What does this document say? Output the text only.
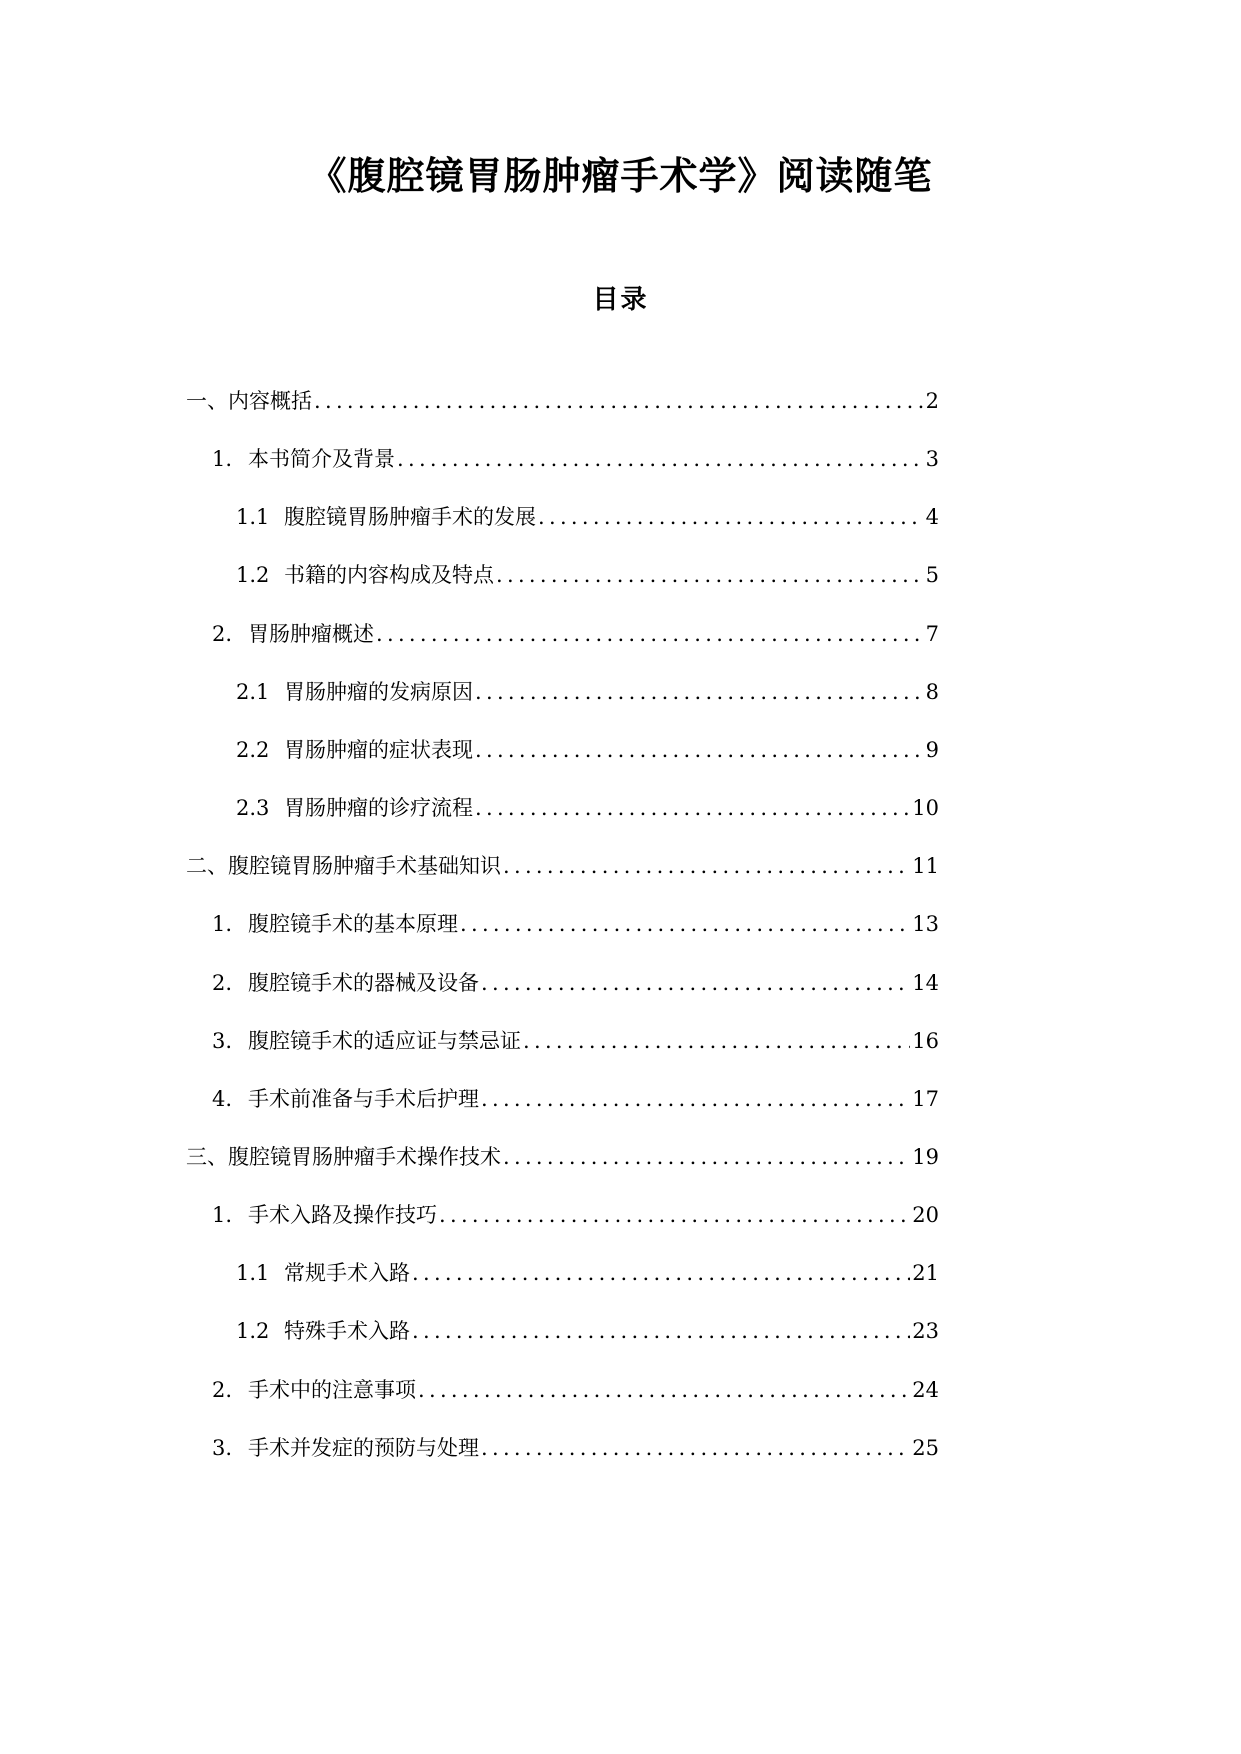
《腹腔镜胃肠肿瘤手术学》阅读随笔
目录
一、 内容概括 .....	2
1. 本书简介及背景 .....	3
1.1 腹腔镜胃肠肿瘤手术的发展 .....	4
1.2 书籍的内容构成及特点 .....	5
2. 胃肠肿瘤概述 .....	7
2.1 胃肠肿瘤的发病原因 .....	8
2.2 胃肠肿瘤的症状表现 .....	9
2.3 胃肠肿瘤的诊疗流程 .....	10
二、 腹腔镜胃肠肿瘤手术基础知识 .....	11
1. 腹腔镜手术的基本原理 .....	13
2. 腹腔镜手术的器械及设备 .....	14
3. 腹腔镜手术的适应证与禁忌证 .....	16
4. 手术前准备与手术后护理 .....	17
三、 腹腔镜胃肠肿瘤手术操作技术 .....	19
1. 手术入路及操作技巧 .....	20
1.1 常规手术入路 .....	21
1.2 特殊手术入路 .....	23
2. 手术中的注意事项 .....	24
3. 手术并发症的预防与处理 .....	25
